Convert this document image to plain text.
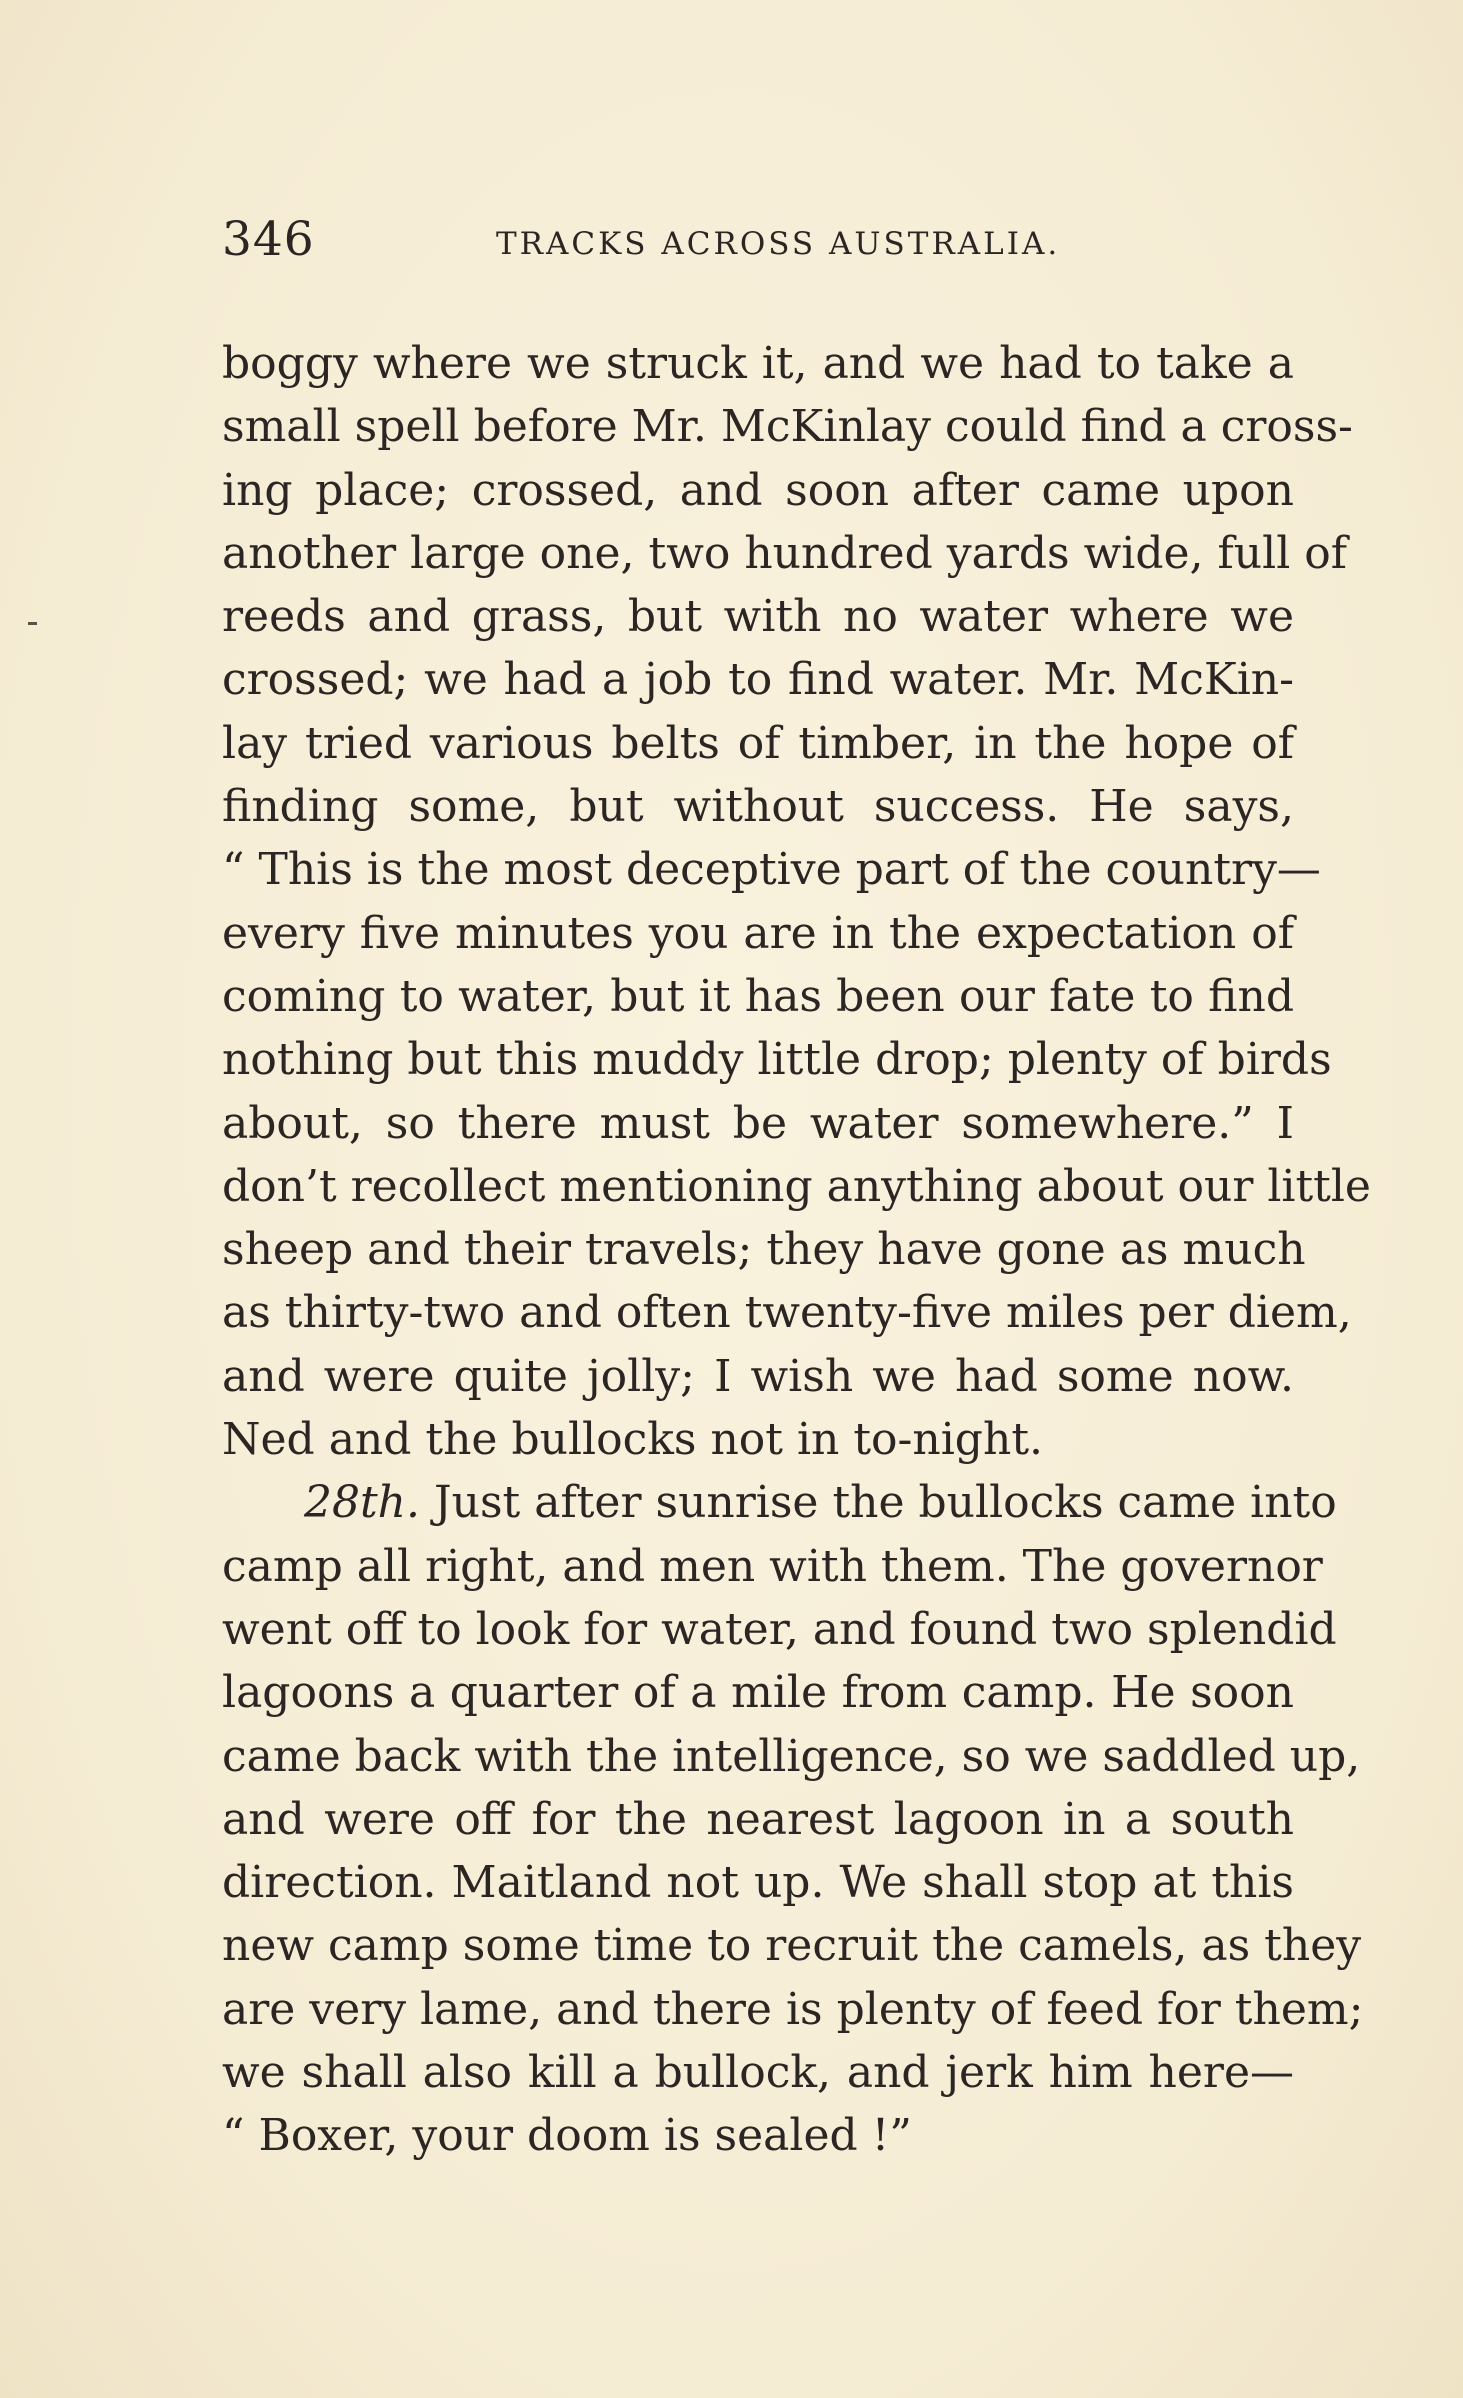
346	TRACKS ACROSS AUSTRALIA.
boggy where we struck it, and we had to take a
small spell before Mr. McKinlay could find a cross-
ing place; crossed, and soon after came upon
another large one, two hundred yards wide, full of
reeds and grass, but with no water where we
crossed; we had a job to find water. Mr. McKin-
lay tried various belts of timber, in the hope of
finding some, but without success. He says,
“ This is the most deceptive part of the country—
every five minutes you are in the expectation of
coming to water, but it has been our fate to find
nothing but this muddy little drop; plenty of birds
about, so there must be water somewhere.” I
don’t recollect mentioning anything about our little
sheep and their travels; they have gone as much
as thirty-two and often twenty-five miles per diem,
and were quite jolly; I wish we had some now.
Ned and the bullocks not in to-night.
28th. Just after sunrise the bullocks came into
camp all right, and men with them. The governor
went off to look for water, and found two splendid
lagoons a quarter of a mile from camp. He soon
came back with the intelligence, so we saddled up,
and were off for the nearest lagoon in a south
direction. Maitland not up. We shall stop at this
new camp some time to recruit the camels, as they
are very lame, and there is plenty of feed for them;
we shall also kill a bullock, and jerk him here—
“ Boxer, your doom is sealed !”
